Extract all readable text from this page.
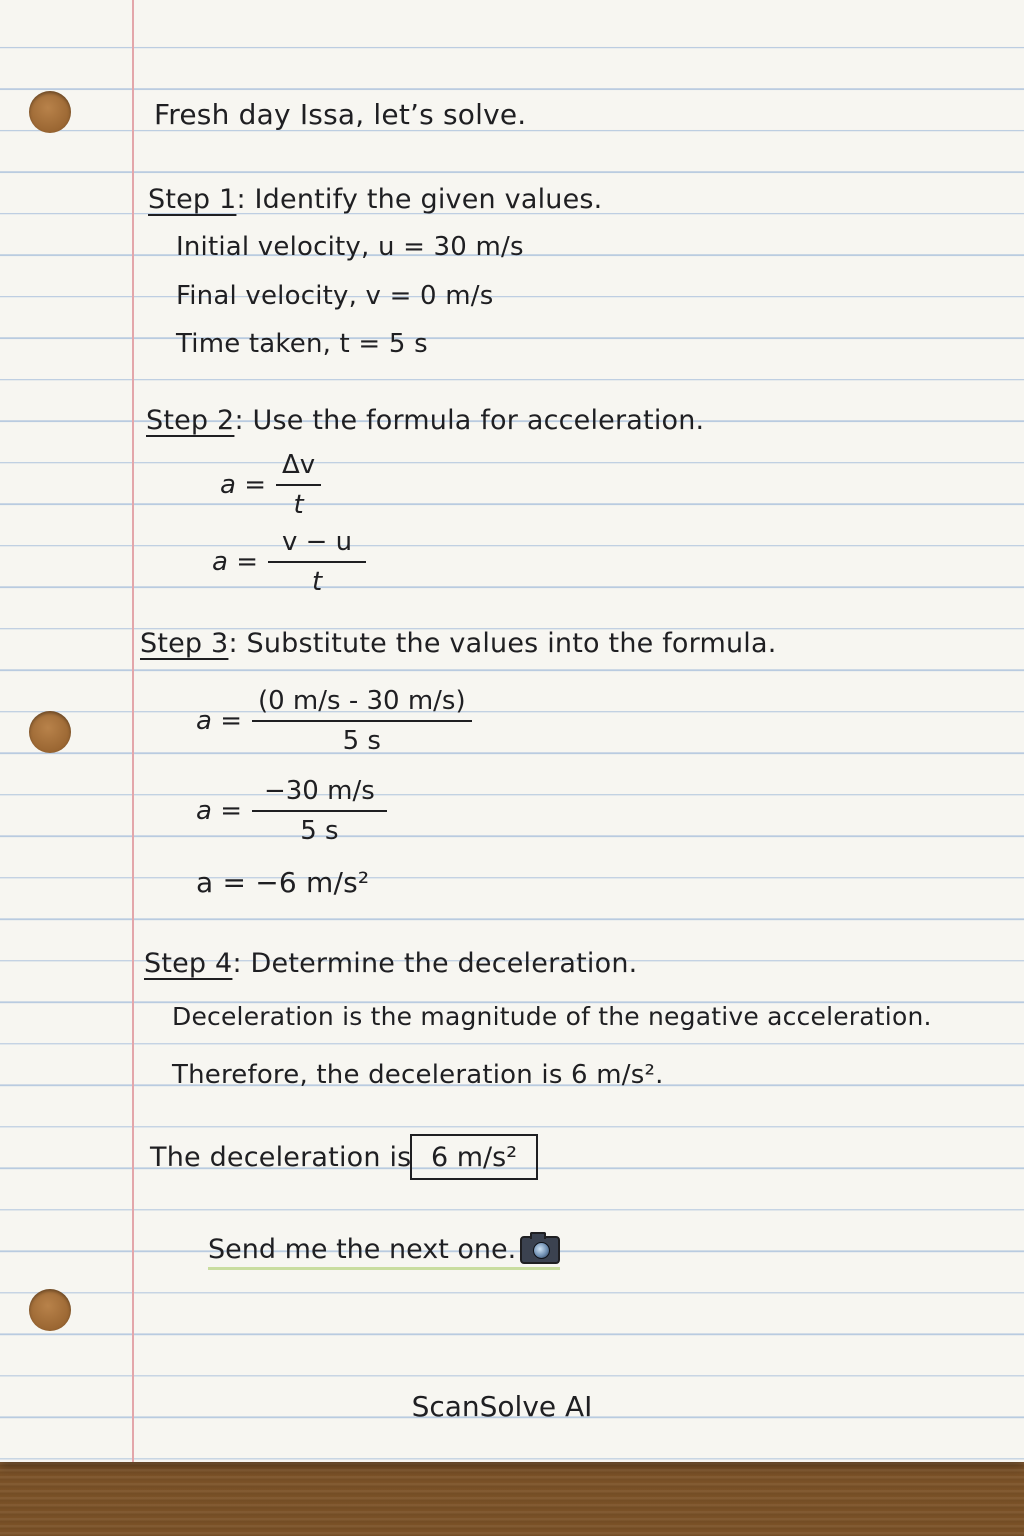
Fresh day Issa, let’s solve.
Step 1: Identify the given values.
Initial velocity, u = 30 m/s
Final velocity, v = 0 m/s
Time taken, t = 5 s
Step 2: Use the formula for acceleration.
$a = \frac{\Delta v}{t}$
$a = \frac{v - u}{t}$
Step 3: Substitute the values into the formula.
$a = \frac{(0 m/s - 30 m/s)}{5 s}$
$a = \frac{-30 m/s}{5 s}$
a = −6 m/s²
Step 4: Determine the deceleration.
Deceleration is the magnitude of the negative acceleration.
Therefore, the deceleration is 6 m/s².
The deceleration is 6 m/s²
Send me the next one.
ScanSolve AI
